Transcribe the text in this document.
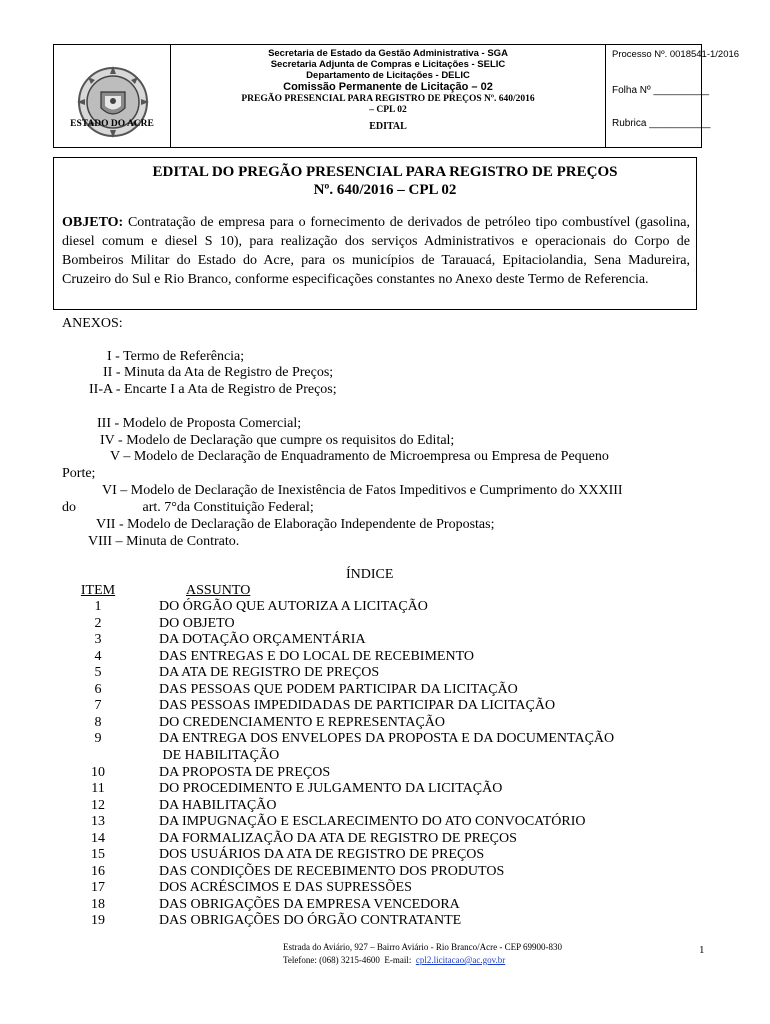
ESTADO DO ACRE
Secretaria de Estado da Gestão Administrativa - SGA
Secretaria Adjunta de Compras e Licitações - SELIC
Departamento de Licitações - DELIC
Comissão Permanente de Licitação – 02
PREGÃO PRESENCIAL PARA REGISTRO DE PREÇOS Nº. 640/2016
– CPL 02
EDITAL
Processo Nº. 0018541-1/2016
Folha Nº __________
Rubrica ___________
EDITAL DO PREGÃO PRESENCIAL PARA REGISTRO DE PREÇOS
Nº. 640/2016 – CPL 02
OBJETO: Contratação de empresa para o fornecimento de derivados de petróleo tipo combustível (gasolina, diesel comum e diesel S 10), para realização dos serviços Administrativos e operacionais do Corpo de Bombeiros Militar do Estado do Acre, para os municípios de Tarauacá, Epitaciolandia, Sena Madureira, Cruzeiro do Sul e Rio Branco, conforme especificações constantes no Anexo deste Termo de Referencia.
ANEXOS:
I - Termo de Referência;
II - Minuta da Ata de Registro de Preços;
II-A - Encarte I a Ata de Registro de Preços;
III - Modelo de Proposta Comercial;
IV - Modelo de Declaração que cumpre os requisitos do Edital;
V – Modelo de Declaração de Enquadramento de Microempresa ou Empresa de Pequeno
Porte;
VI – Modelo de Declaração de Inexistência de Fatos Impeditivos e Cumprimento do XXXIII
do                   art. 7°da Constituição Federal;
VII - Modelo de Declaração de Elaboração Independente de Propostas;
VIII – Minuta de Contrato.
ÍNDICE
ITEM	ASSUNTO
1	DO ÓRGÃO QUE AUTORIZA A LICITAÇÃO
2	DO OBJETO
3	DA DOTAÇÃO ORÇAMENTÁRIA
4	DAS ENTREGAS E DO LOCAL DE RECEBIMENTO
5	DA ATA DE REGISTRO DE PREÇOS
6	DAS PESSOAS QUE PODEM PARTICIPAR DA LICITAÇÃO
7	DAS PESSOAS IMPEDIDADAS DE PARTICIPAR DA LICITAÇÃO
8	DO CREDENCIAMENTO E REPRESENTAÇÃO
9	DA ENTREGA DOS ENVELOPES DA PROPOSTA E DA DOCUMENTAÇÃO
DE HABILITAÇÃO
10	DA PROPOSTA DE PREÇOS
11	DO PROCEDIMENTO E JULGAMENTO DA LICITAÇÃO
12	DA HABILITAÇÃO
13	DA IMPUGNAÇÃO E ESCLARECIMENTO DO ATO CONVOCATÓRIO
14	DA FORMALIZAÇÃO DA ATA DE REGISTRO DE PREÇOS
15	DOS USUÁRIOS DA ATA DE REGISTRO DE PREÇOS
16	DAS CONDIÇÕES DE RECEBIMENTO DOS PRODUTOS
17	DOS ACRÉSCIMOS E DAS SUPRESSÕES
18	DAS OBRIGAÇÕES DA EMPRESA VENCEDORA
19	DAS OBRIGAÇÕES DO ÓRGÃO CONTRATANTE
Estrada do Aviário, 927 – Bairro Aviário - Rio Branco/Acre - CEP 69900-830
Telefone: (068) 3215-4600  E-mail:  cpl2.licitacao@ac.gov.br
1
